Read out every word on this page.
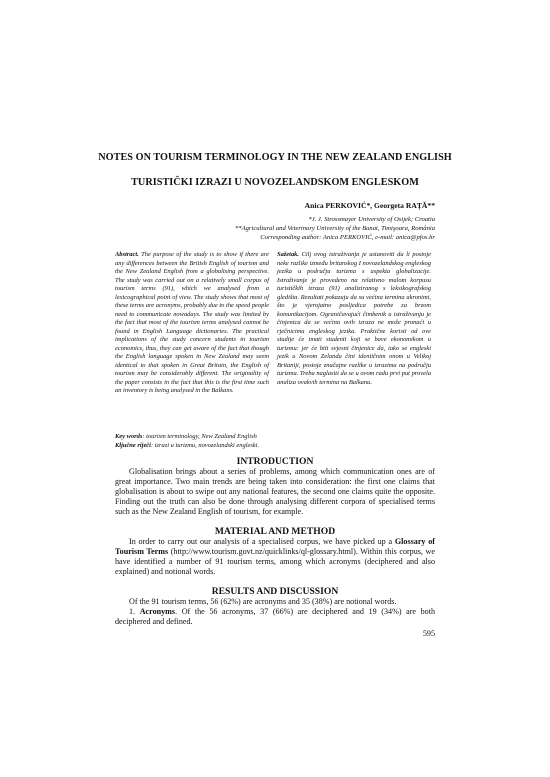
NOTES ON TOURISM TERMINOLOGY IN THE NEW ZEALAND ENGLISH
TURISTIČKI IZRAZI U NOVOZELANDSKOM ENGLESKOM
Anica PERKOVIĆ*, Georgeta RAŢĂ**
*J. J. Strossmayer University of Osijek; Croatia
**Agricultural and Veterinary University of the Banat, Timişoara, România
Corresponding author: Anica PERKOVIĆ, e-mail: anica@pfos.hr
Abstract. The purpose of the study is to show if there are any differences between the British English of tourism and the New Zealand English from a globalising perspective. The study was carried out on a relatively small corpus of tourism terms (91), which we analysed from a lexicographical point of view. The study shows that most of these terms are acronyms, probably due to the speed people need to communicate nowadays. The study was limited by the fact that most of the tourism terms analysed cannot be found in English Language dictionaries. The practical implications of the study concern students in tourism economics, thus, they can get aware of the fact that though the English language spoken in New Zealand may seem identical to that spoken in Great Britain, the English of tourism may be considerably different. The originality of the paper consists in the fact that this is the first time such an inventory is being analysed in the Balkans.
Sažetak. Cilj ovog istraživanja je ustanoviti da li postoje neke razlike između britanskog I novozelandskog engleskog jezika u području turizma s aspekta globalizacije. Istraživanje je provedeno na relativno malom korpusu turističkih izraza (91) analiziranog s leksikografskog gledišta. Rezultati pokazuju da su većina termina akronimi, što je vjerojatno posljedica potrebe za brzom komunikacijom. Ograničavajući čimbenik u istraživanju je činjenica da se većina ovih izraza ne može pronaći u rječnicima engleskog jezika. Praktične koristi od ove studije će imati studenti koji se bave ekonomikom u turizmu: jer će biti svjesni činjenice da, iako se engleski jezik u Novom Zelandu čini identičnim onom u Velikoj Britaniji, postoje značajne razlike u izrazima na području turizma. Treba naglasiti da se u ovom radu prvi put provela analiza ovakvih termina na Balkanu.
Key words: tourism terminology, New Zealand English
Ključne riječi: izrazi u turizmu, novozelandski engleski.
INTRODUCTION
Globalisation brings about a series of problems, among which communication ones are of great importance. Two main trends are being taken into consideration: the first one claims that globalisation is about to swipe out any national features, the second one claims quite the opposite. Finding out the truth can also be done through analysing different corpora of specialised terms such as the New Zealand English of tourism, for example.
MATERIAL AND METHOD
In order to carry out our analysis of a specialised corpus, we have picked up a Glossary of Tourism Terms (http://www.tourism.govt.nz/quicklinks/ql-glossary.html). Within this corpus, we have identified a number of 91 tourism terms, among which acronyms (deciphered and also explained) and notional words.
RESULTS AND DISCUSSION
Of the 91 tourism terms, 56 (62%) are acronyms and 35 (38%) are notional words.
1. Acronyms. Of the 56 acronyms, 37 (66%) are deciphered and 19 (34%) are both deciphered and defined.
595
